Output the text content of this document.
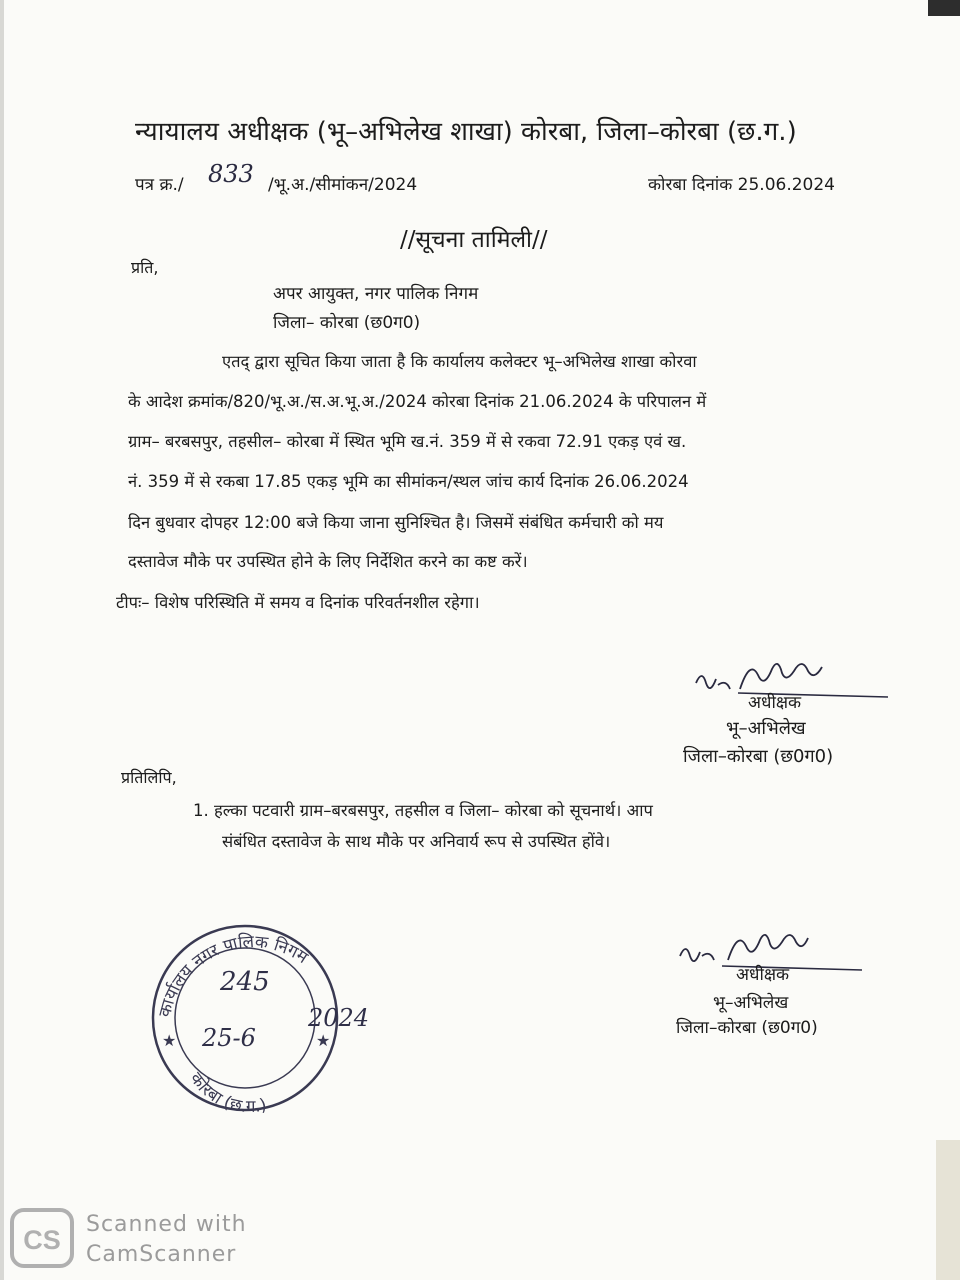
न्यायालय अधीक्षक (भू–अभिलेख शाखा) कोरबा, जिला–कोरबा (छ.ग.)
पत्र क्र./ 833 /भू.अ./सीमांकन/2024	कोरबा दिनांक 25.06.2024
//सूचना तामिली//
प्रति,
अपर आयुक्त, नगर पालिक निगम
जिला– कोरबा (छ0ग0)
एतद् द्वारा सूचित किया जाता है कि कार्यालय कलेक्टर भू–अभिलेख शाखा कोरवा
के आदेश क्रमांक/820/भू.अ./स.अ.भू.अ./2024 कोरबा दिनांक 21.06.2024 के परिपालन में
ग्राम– बरबसपुर, तहसील– कोरबा में स्थित भूमि ख.नं. 359 में से रकवा 72.91 एकड़ एवं ख.
नं. 359 में से रकबा 17.85 एकड़ भूमि का सीमांकन/स्थल जांच कार्य दिनांक 26.06.2024
दिन बुधवार दोपहर 12:00 बजे किया जाना सुनिश्चित है। जिसमें संबंधित कर्मचारी को मय
दस्तावेज मौके पर उपस्थित होने के लिए निर्देशित करने का कष्ट करें।
टीपः– विशेष परिस्थिति में समय व दिनांक परिवर्तनशील रहेगा।
अधीक्षक
भू–अभिलेख
जिला–कोरबा (छ0ग0)
प्रतिलिपि,
1. हल्का पटवारी ग्राम–बरबसपुर, तहसील व जिला– कोरबा को सूचनार्थ। आप
संबंधित दस्तावेज के साथ मौके पर अनिवार्य रूप से उपस्थित होंवे।
कार्यालय नगर पालिक निगम
कोरबा (छ.ग.)
★	★
245
25-6
2024
अधीक्षक
भू–अभिलेख
जिला–कोरबा (छ0ग0)
CS
Scanned with
CamScanner
